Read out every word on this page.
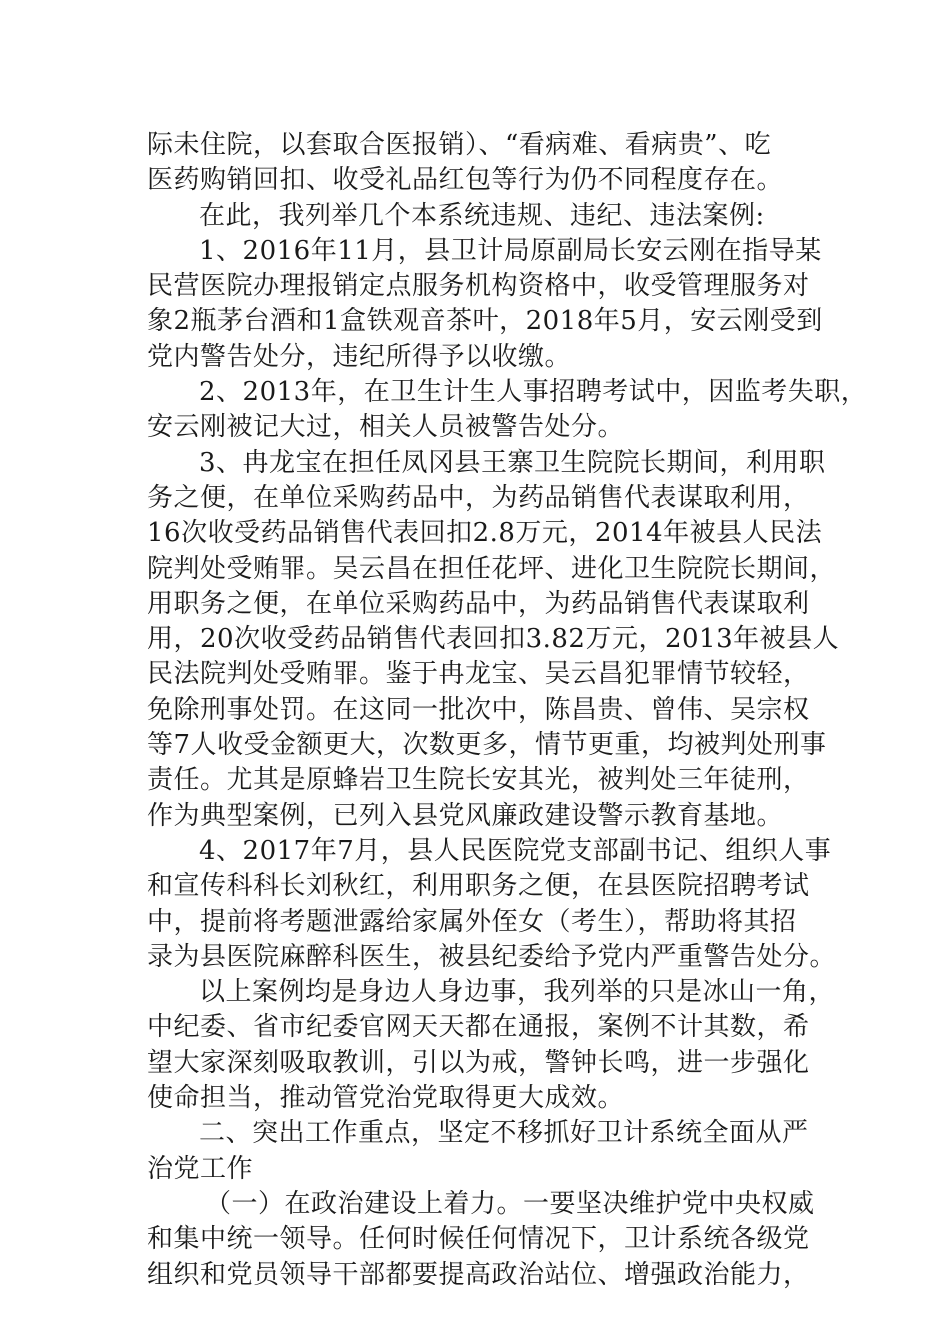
际未住院，以套取合医报销）、“看病难、看病贵”、吃
医药购销回扣、收受礼品红包等行为仍不同程度存在。
在此，我列举几个本系统违规、违纪、违法案例:
1、2016年11月，县卫计局原副局长安云刚在指导某
民营医院办理报销定点服务机构资格中，收受管理服务对
象2瓶茅台酒和1盒铁观音茶叶，2018年5月，安云刚受到
党内警告处分，违纪所得予以收缴。
2、2013年，在卫生计生人事招聘考试中，因监考失职，
安云刚被记大过，相关人员被警告处分。
3、冉龙宝在担任凤冈县王寨卫生院院长期间，利用职
务之便，在单位采购药品中，为药品销售代表谋取利用，
16次收受药品销售代表回扣2.8万元，2014年被县人民法
院判处受贿罪。吴云昌在担任花坪、进化卫生院院长期间，
用职务之便，在单位采购药品中，为药品销售代表谋取利
用，20次收受药品销售代表回扣3.82万元，2013年被县人
民法院判处受贿罪。鉴于冉龙宝、吴云昌犯罪情节较轻，
免除刑事处罚。在这同一批次中，陈昌贵、曾伟、吴宗权
等7人收受金额更大，次数更多，情节更重，均被判处刑事
责任。尤其是原蜂岩卫生院长安其光，被判处三年徒刑，
作为典型案例，已列入县党风廉政建设警示教育基地。
4、2017年7月，县人民医院党支部副书记、组织人事
和宣传科科长刘秋红，利用职务之便，在县医院招聘考试
中，提前将考题泄露给家属外侄女（考生），帮助将其招
录为县医院麻醉科医生，被县纪委给予党内严重警告处分。
以上案例均是身边人身边事，我列举的只是冰山一角，
中纪委、省市纪委官网天天都在通报，案例不计其数，希
望大家深刻吸取教训，引以为戒，警钟长鸣，进一步强化
使命担当，推动管党治党取得更大成效。
二、突出工作重点，坚定不移抓好卫计系统全面从严
治党工作
（一）在政治建设上着力。一要坚决维护党中央权威
和集中统一领导。任何时候任何情况下，卫计系统各级党
组织和党员领导干部都要提高政治站位、增强政治能力，
